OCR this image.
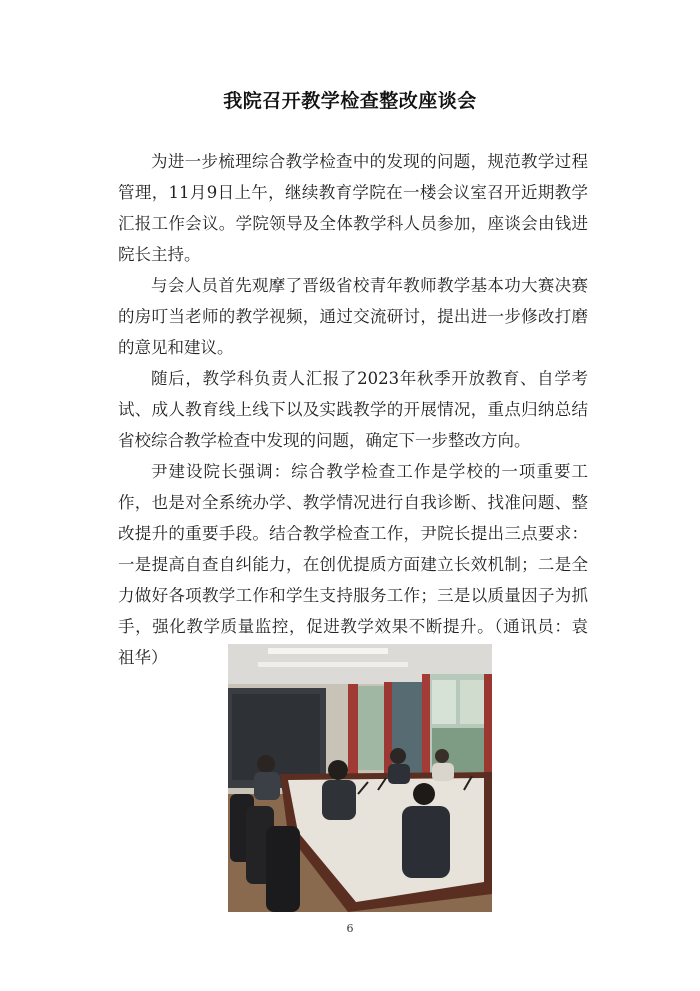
我院召开教学检查整改座谈会

为进一步梳理综合教学检查中的发现的问题，规范教学过程管理，11月9日上午，继续教育学院在一楼会议室召开近期教学汇报工作会议。学院领导及全体教学科人员参加，座谈会由钱进院长主持。

与会人员首先观摩了晋级省校青年教师教学基本功大赛决赛的房叮当老师的教学视频，通过交流研讨，提出进一步修改打磨的意见和建议。

随后，教学科负责人汇报了2023年秋季开放教育、自学考试、成人教育线上线下以及实践教学的开展情况，重点归纳总结省校综合教学检查中发现的问题，确定下一步整改方向。

尹建设院长强调：综合教学检查工作是学校的一项重要工作，也是对全系统办学、教学情况进行自我诊断、找准问题、整改提升的重要手段。结合教学检查工作，尹院长提出三点要求：一是提高自查自纠能力，在创优提质方面建立长效机制；二是全力做好各项教学工作和学生支持服务工作；三是以质量因子为抓手，强化教学质量监控，促进教学效果不断提升。（通讯员：袁祖华）

6
